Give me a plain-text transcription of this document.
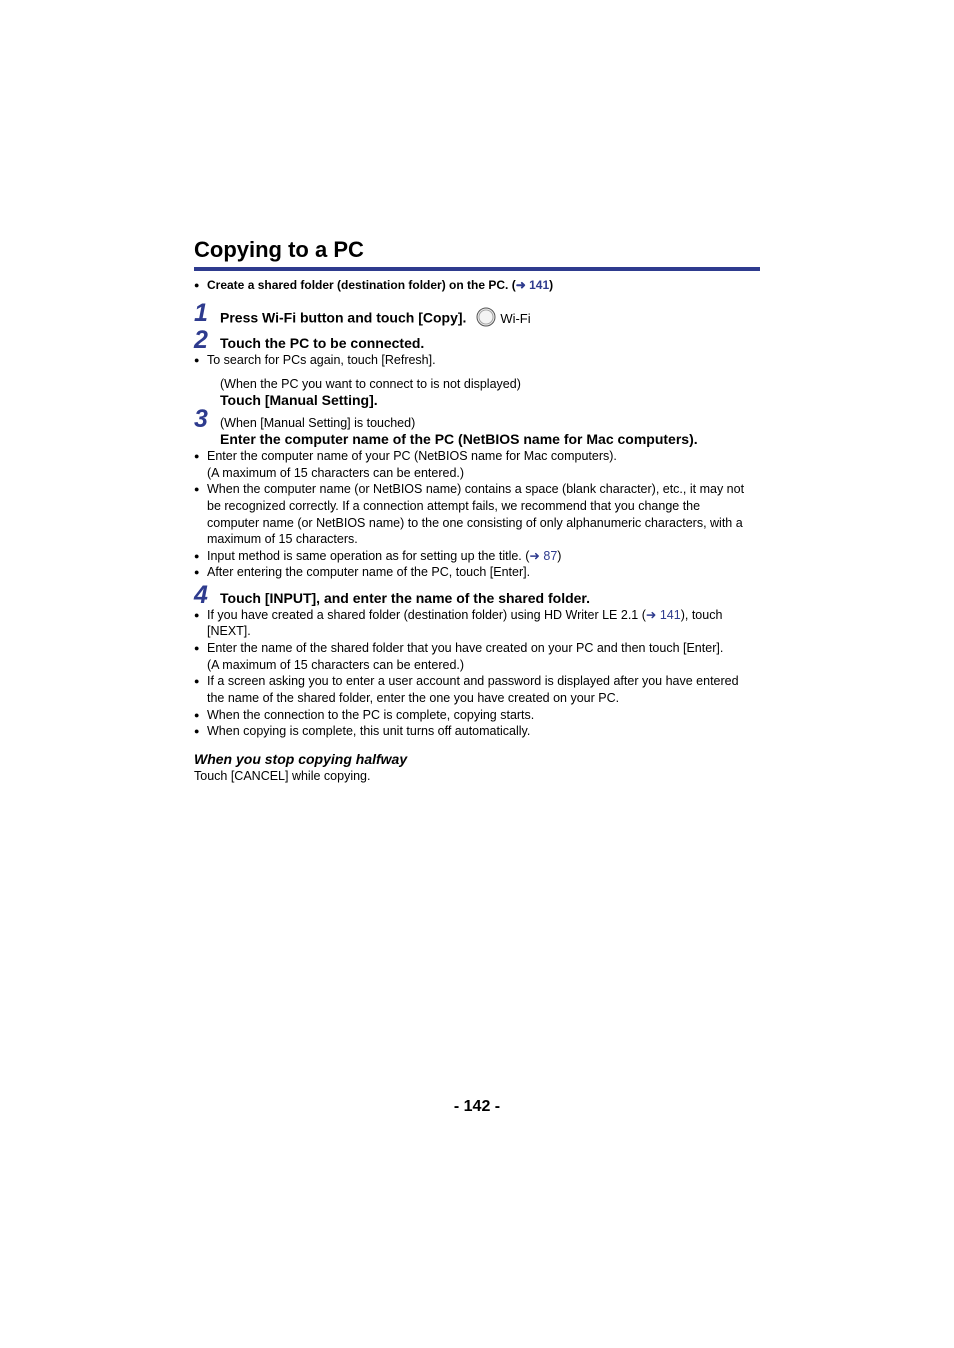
Copying to a PC
● Create a shared folder (destination folder) on the PC. (➜ 141)
1 Press Wi-Fi button and touch [Copy].	Wi-Fi
2 Touch the PC to be connected.
● To search for PCs again, touch [Refresh].
(When the PC you want to connect to is not displayed)
Touch [Manual Setting].
3 (When [Manual Setting] is touched)
Enter the computer name of the PC (NetBIOS name for Mac computers).
● Enter the computer name of your PC (NetBIOS name for Mac computers).
(A maximum of 15 characters can be entered.)
● When the computer name (or NetBIOS name) contains a space (blank character), etc., it may not
be recognized correctly. If a connection attempt fails, we recommend that you change the
computer name (or NetBIOS name) to the one consisting of only alphanumeric characters, with a
maximum of 15 characters.
● Input method is same operation as for setting up the title. (➜ 87)
● After entering the computer name of the PC, touch [Enter].
4 Touch [INPUT], and enter the name of the shared folder.
● If you have created a shared folder (destination folder) using HD Writer LE 2.1 (➜ 141), touch
[NEXT].
● Enter the name of the shared folder that you have created on your PC and then touch [Enter].
(A maximum of 15 characters can be entered.)
● If a screen asking you to enter a user account and password is displayed after you have entered
the name of the shared folder, enter the one you have created on your PC.
● When the connection to the PC is complete, copying starts.
● When copying is complete, this unit turns off automatically.
When you stop copying halfway
Touch [CANCEL] while copying.
- 142 -
